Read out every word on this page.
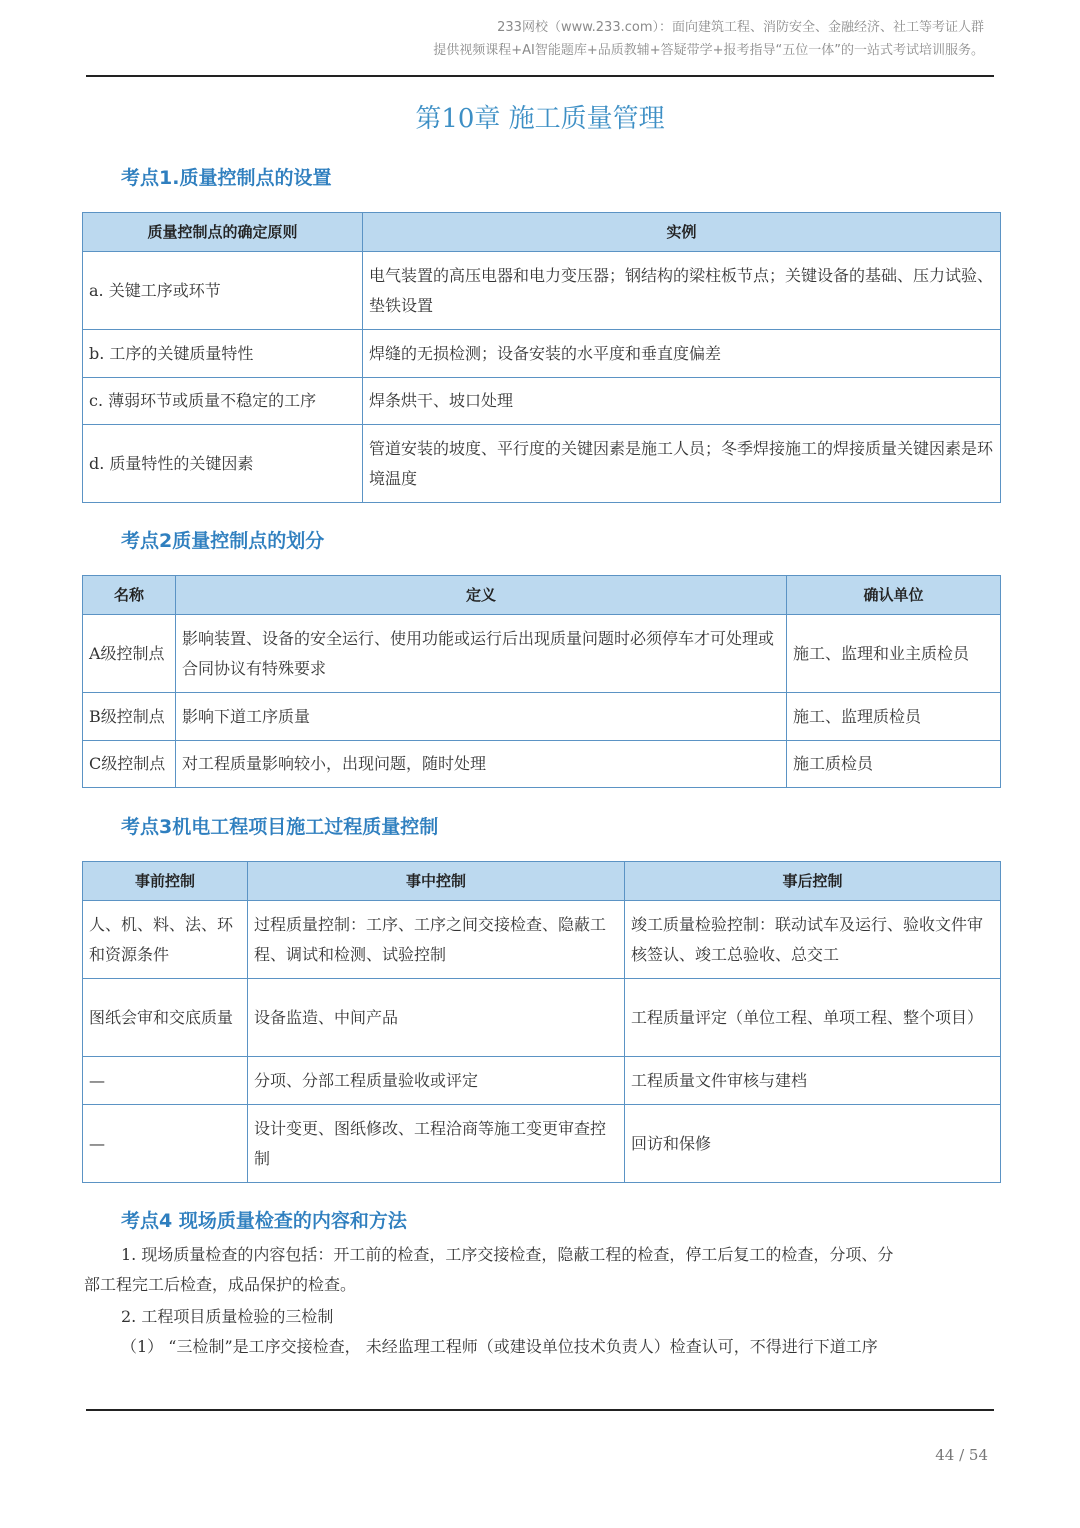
233网校（www.233.com）：面向建筑工程、消防安全、金融经济、社工等考证人群
提供视频课程+AI智能题库+品质教辅+答疑带学+报考指导“五位一体”的一站式考试培训服务。
第10章 施工质量管理
考点1.质量控制点的设置
质量控制点的确定原则	实例
a. 关键工序或环节	电气装置的高压电器和电力变压器；钢结构的梁柱板节点；关键设备的基础、压力试验、垫铁设置
b. 工序的关键质量特性	焊缝的无损检测；设备安装的水平度和垂直度偏差
c. 薄弱环节或质量不稳定的工序	焊条烘干、坡口处理
d. 质量特性的关键因素	管道安装的坡度、平行度的关键因素是施工人员；冬季焊接施工的焊接质量关键因素是环境温度
考点2质量控制点的划分
名称	定义	确认单位
A级控制点	影响装置、设备的安全运行、使用功能或运行后出现质量问题时必须停车才可处理或合同协议有特殊要求	施工、监理和业主质检员
B级控制点	影响下道工序质量	施工、监理质检员
C级控制点	对工程质量影响较小，出现问题，随时处理	施工质检员
考点3机电工程项目施工过程质量控制
事前控制	事中控制	事后控制
人、机、料、法、环和资源条件	过程质量控制：工序、工序之间交接检查、隐蔽工程、调试和检测、试验控制	竣工质量检验控制：联动试车及运行、验收文件审核签认、竣工总验收、总交工
图纸会审和交底质量	设备监造、中间产品	工程质量评定（单位工程、单项工程、整个项目）
—	分项、分部工程质量验收或评定	工程质量文件审核与建档
—	设计变更、图纸修改、工程洽商等施工变更审查控制	回访和保修
考点4 现场质量检查的内容和方法
1. 现场质量检查的内容包括：开工前的检查，工序交接检查，隐蔽工程的检查，停工后复工的检查，分项、分
部工程完工后检查，成品保护的检查。
2. 工程项目质量检验的三检制
（1） “三检制”是工序交接检查， 未经监理工程师（或建设单位技术负责人）检查认可，不得进行下道工序
44 / 54
